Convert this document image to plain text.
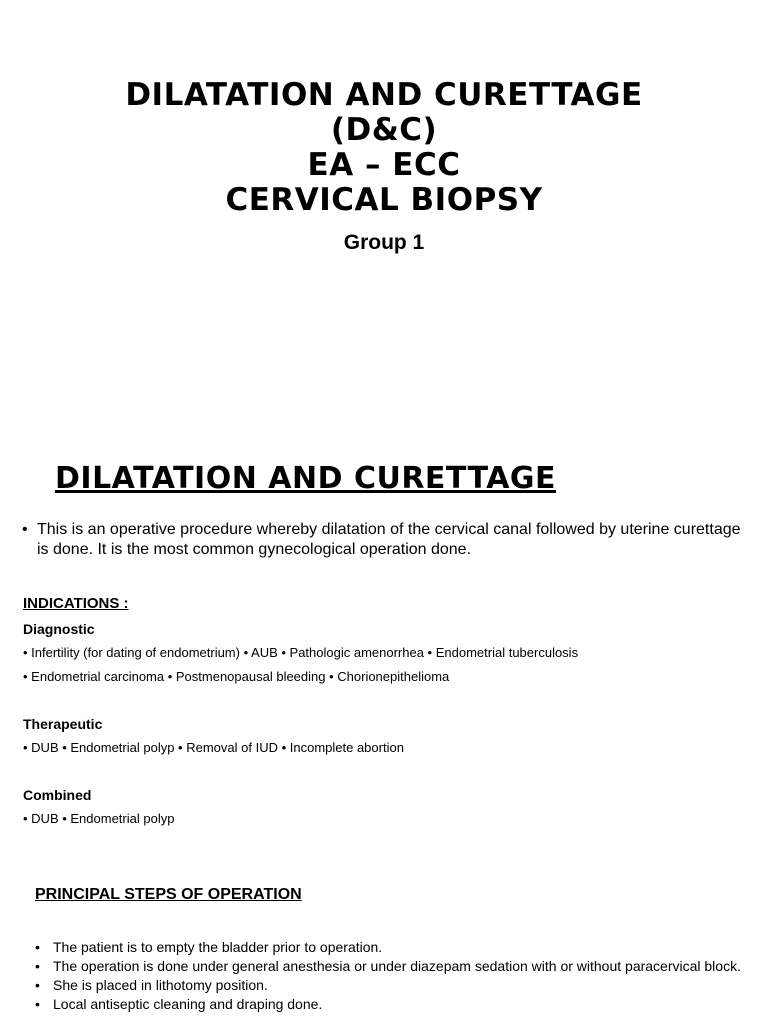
DILATATION AND CURETTAGE
(D&C)
EA – ECC
CERVICAL BIOPSY
Group 1
DILATATION AND CURETTAGE
• This is an operative procedure whereby dilatation of the cervical canal followed by uterine curettage is done. It is the most common gynecological operation done.
INDICATIONS :
Diagnostic
• Infertility (for dating of endometrium) • AUB • Pathologic amenorrhea • Endometrial tuberculosis
• Endometrial carcinoma • Postmenopausal bleeding • Chorionepithelioma
Therapeutic
• DUB • Endometrial polyp • Removal of IUD • Incomplete abortion
Combined
• DUB • Endometrial polyp
PRINCIPAL STEPS OF OPERATION
• The patient is to empty the bladder prior to operation.
• The operation is done under general anesthesia or under diazepam sedation with or without paracervical block.
• She is placed in lithotomy position.
• Local antiseptic cleaning and draping done.
